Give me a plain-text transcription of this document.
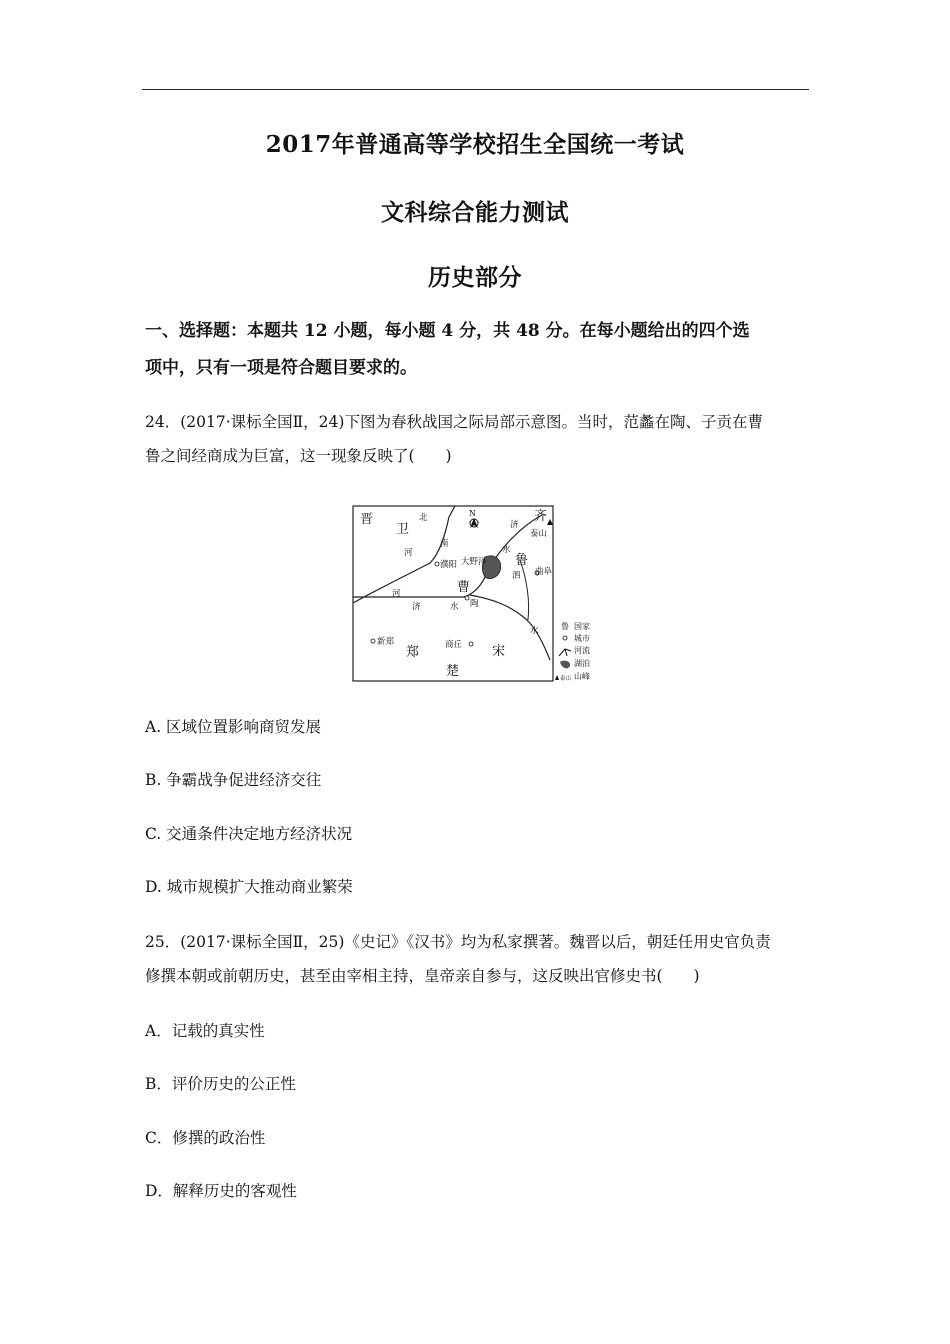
2017年普通高等学校招生全国统一考试
文科综合能力测试
历史部分
一、选择题：本题共 12 小题，每小题 4 分，共 48 分。在每小题给出的四个选
项中，只有一项是符合题目要求的。
24．(2017·课标全国Ⅱ，24)下图为春秋战国之际局部示意图。当时，范蠡在陶、子贡在曹
鲁之间经商成为巨富，这一现象反映了(　　)
N
晋
卫
齐
鲁
曹
郑	宋
楚
濮阳 大野泽
曲阜
陶
新郑	商丘
泰山
北
南
河
河
济
水
济	水
泗
水	鲁 国家
城市
河流
湖泊
泰山 山峰
A. 区域位置影响商贸发展
B. 争霸战争促进经济交往
C. 交通条件决定地方经济状况
D. 城市规模扩大推动商业繁荣
25．(2017·课标全国Ⅱ，25)《史记》《汉书》均为私家撰著。魏晋以后，朝廷任用史官负责
修撰本朝或前朝历史，甚至由宰相主持，皇帝亲自参与，这反映出官修史书(　　)
A．记载的真实性
B．评价历史的公正性
C．修撰的政治性
D．解释历史的客观性
